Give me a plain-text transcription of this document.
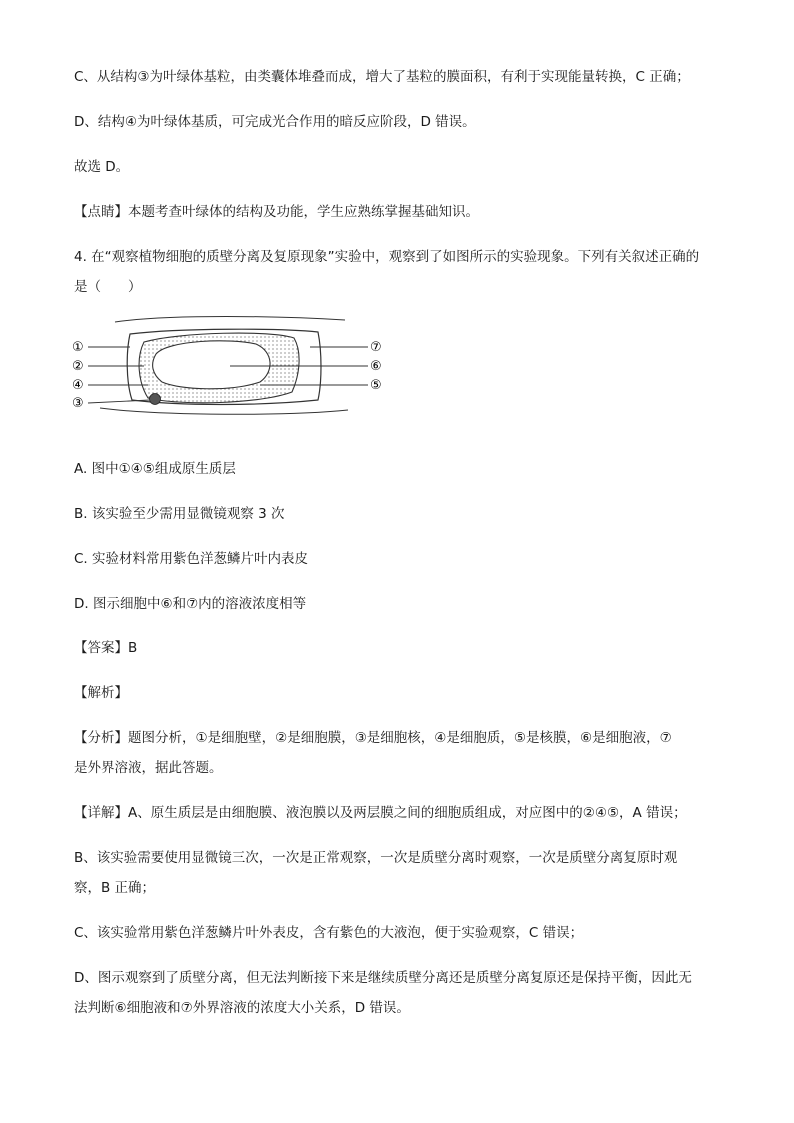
C、从结构③为叶绿体基粒，由类囊体堆叠而成，增大了基粒的膜面积，有利于实现能量转换，C 正确；
D、结构④为叶绿体基质，可完成光合作用的暗反应阶段，D 错误。
故选 D。
【点睛】本题考查叶绿体的结构及功能，学生应熟练掌握基础知识。
4. 在“观察植物细胞的质壁分离及复原现象”实验中，观察到了如图所示的实验现象。下列有关叙述正确的
是（　　）
①
②
④
③
⑦
⑥
⑤
A. 图中①④⑤组成原生质层
B. 该实验至少需用显微镜观察 3 次
C. 实验材料常用紫色洋葱鳞片叶内表皮
D. 图示细胞中⑥和⑦内的溶液浓度相等
【答案】B
【解析】
【分析】题图分析，①是细胞壁，②是细胞膜，③是细胞核，④是细胞质，⑤是核膜，⑥是细胞液，⑦
是外界溶液，据此答题。
【详解】A、原生质层是由细胞膜、液泡膜以及两层膜之间的细胞质组成，对应图中的②④⑤，A 错误；
B、该实验需要使用显微镜三次，一次是正常观察，一次是质壁分离时观察，一次是质壁分离复原时观
察，B 正确；
C、该实验常用紫色洋葱鳞片叶外表皮，含有紫色的大液泡，便于实验观察，C 错误；
D、图示观察到了质壁分离，但无法判断接下来是继续质壁分离还是质壁分离复原还是保持平衡，因此无
法判断⑥细胞液和⑦外界溶液的浓度大小关系，D 错误。
